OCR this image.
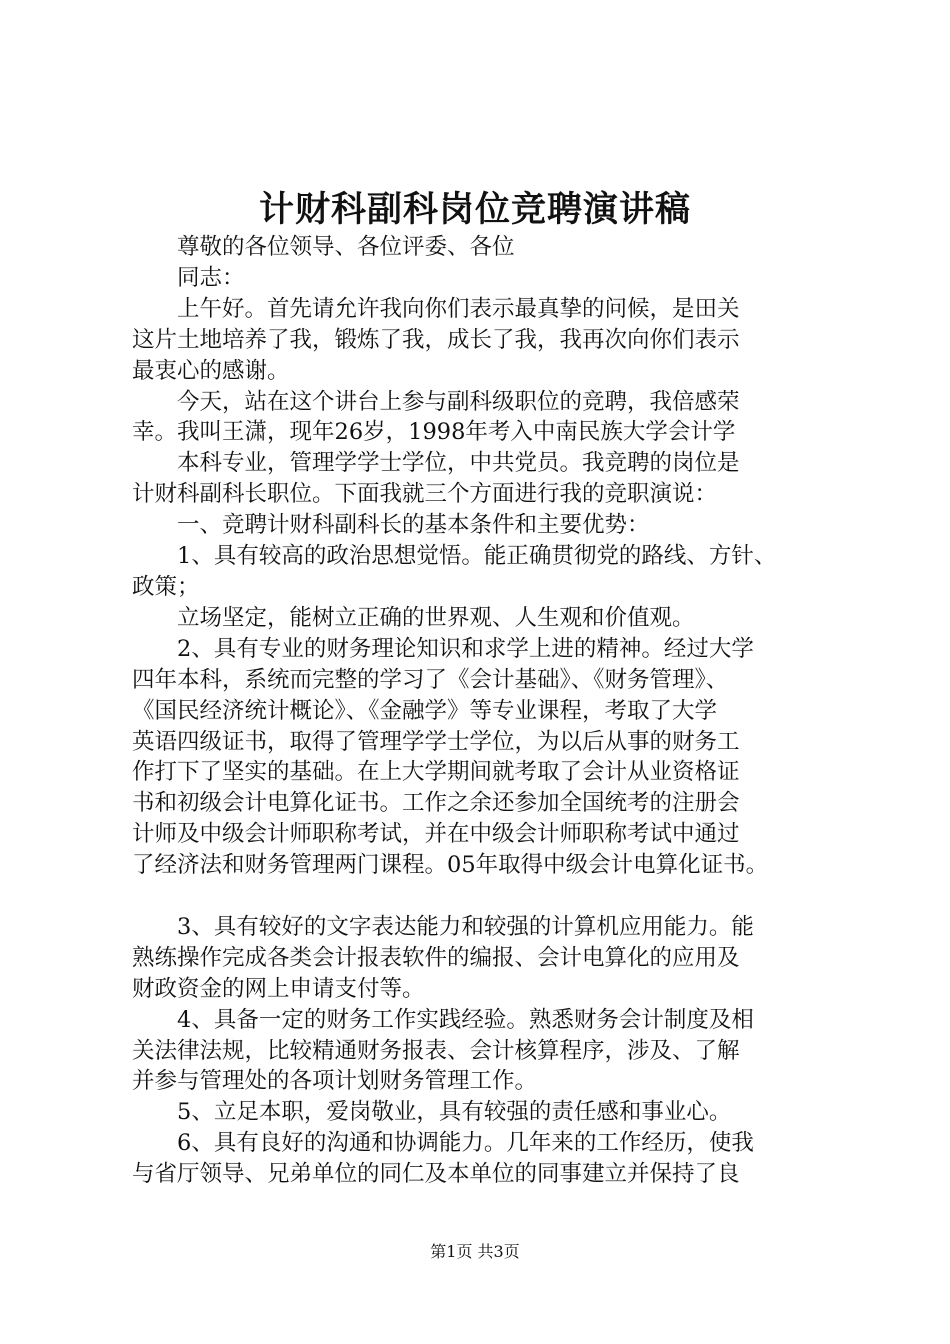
计财科副科岗位竞聘演讲稿

　　尊敬的各位领导、各位评委、各位

　　同志：

　　上午好。首先请允许我向你们表示最真挚的问候，是田关

这片土地培养了我，锻炼了我，成长了我，我再次向你们表示

最衷心的感谢。

　　今天，站在这个讲台上参与副科级职位的竞聘，我倍感荣

幸。我叫王潇，现年26岁，1998年考入中南民族大学会计学

　　本科专业，管理学学士学位，中共党员。我竞聘的岗位是

计财科副科长职位。下面我就三个方面进行我的竞职演说：

　　一、竞聘计财科副科长的基本条件和主要优势：

　　1、具有较高的政治思想觉悟。能正确贯彻党的路线、方针、

政策；

　　立场坚定，能树立正确的世界观、人生观和价值观。

　　2、具有专业的财务理论知识和求学上进的精神。经过大学

四年本科，系统而完整的学习了《会计基础》、《财务管理》、

《国民经济统计概论》、《金融学》等专业课程，考取了大学

英语四级证书，取得了管理学学士学位，为以后从事的财务工

作打下了坚实的基础。在上大学期间就考取了会计从业资格证

书和初级会计电算化证书。工作之余还参加全国统考的注册会

计师及中级会计师职称考试，并在中级会计师职称考试中通过

了经济法和财务管理两门课程。05年取得中级会计电算化证书。

　　3、具有较好的文字表达能力和较强的计算机应用能力。能

熟练操作完成各类会计报表软件的编报、会计电算化的应用及

财政资金的网上申请支付等。

　　4、具备一定的财务工作实践经验。熟悉财务会计制度及相

关法律法规，比较精通财务报表、会计核算程序，涉及、了解

并参与管理处的各项计划财务管理工作。

　　5、立足本职，爱岗敬业，具有较强的责任感和事业心。

　　6、具有良好的沟通和协调能力。几年来的工作经历，使我

与省厅领导、兄弟单位的同仁及本单位的同事建立并保持了良

第1页 共3页
